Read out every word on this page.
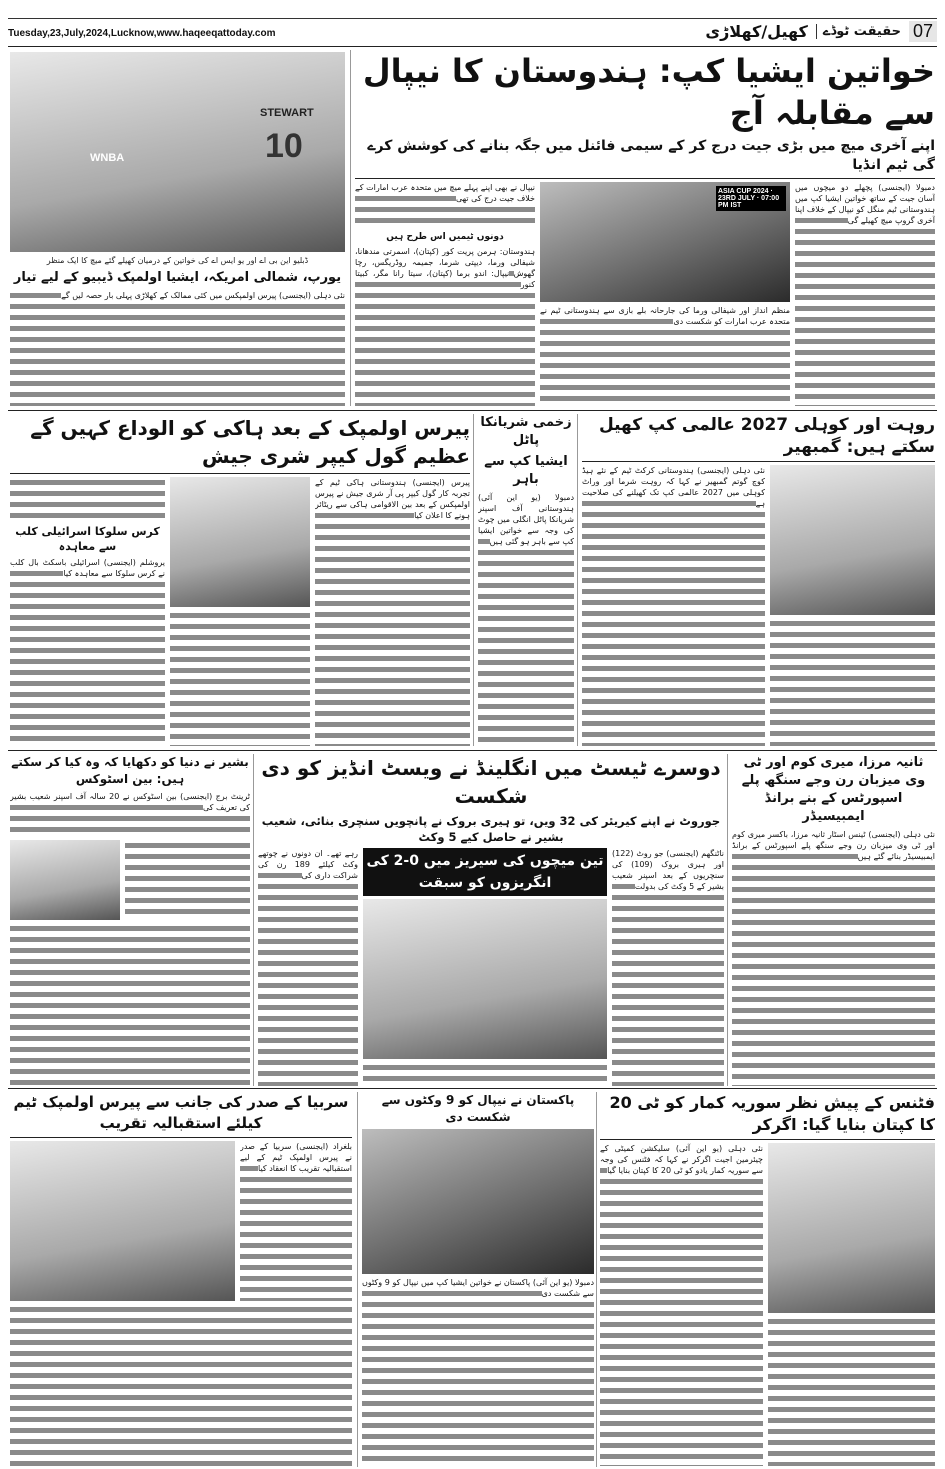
Tuesday,23,July,2024,Lucknow,www.haqeeqattoday.com	کھیل/کھلاڑی	حقیقت ٹوڈے 07
STEWART
10
WNBA
ڈبلیو این بی اے اور یو ایس اے کی خواتین کے درمیان کھیلے گئے میچ کا ایک منظر
یورپ، شمالی امریکہ، ایشیا اولمپک ڈیبیو کے لیے تیار
نئی دہلی (ایجنسی) پیرس اولمپکس میں کئی ممالک کے کھلاڑی پہلی بار حصہ لیں گے
خواتین ایشیا کپ: ہندوستان کا نیپال سے مقابلہ آج
اپنے آخری میچ میں بڑی جیت درج کر کے سیمی فائنل میں جگہ بنانے کی کوشش کرے گی ٹیم انڈیا
دمبولا (ایجنسی) پچھلے دو میچوں میں آسان جیت کے ساتھ خواتین ایشیا کپ میں ہندوستانی ٹیم منگل کو نیپال کے خلاف اپنا آخری گروپ میچ کھیلے گی
ASIA CUP 2024 · 23RD JULY · 07:00 PM IST
منظم انداز اور شیفالی ورما کی جارحانہ بلے بازی سے ہندوستانی ٹیم نے متحدہ عرب امارات کو شکست دی
نیپال نے بھی اپنے پہلے میچ میں متحدہ عرب امارات کے خلاف جیت درج کی تھی
دونوں ٹیمیں اس طرح ہیں
ہندوستان: ہرمن پریت کور (کپتان)، اسمرتی مندھانا، شیفالی ورما، دیپتی شرما، جمیمہ روڈریگس، رچا گھوش نیپال: اندو برما (کپتان)، سیتا رانا مگر، کبیتا کنور
روہت اور کوہلی 2027 عالمی کپ کھیل سکتے ہیں: گمبھیر
نئی دہلی (ایجنسی) ہندوستانی کرکٹ ٹیم کے نئے ہیڈ کوچ گوتم گمبھیر نے کہا کہ روہت شرما اور وراٹ کوہلی میں 2027 عالمی کپ تک کھیلنے کی صلاحیت ہے
زخمی شریانکا پاٹل
ایشیا کپ سے باہر
دمبولا (یو این آئی) ہندوستانی آف اسپنر شریانکا پاٹل انگلی میں چوٹ کی وجہ سے خواتین ایشیا کپ سے باہر ہو گئی ہیں
پیرس اولمپک کے بعد ہاکی کو الوداع کہیں گے عظیم گول کیپر شری جیش
پیرس (ایجنسی) ہندوستانی ہاکی ٹیم کے تجربہ کار گول کیپر پی آر شری جیش نے پیرس اولمپکس کے بعد بین الاقوامی ہاکی سے ریٹائر ہونے کا اعلان کیا
کرس سلوکا اسرائیلی کلب سے معاہدہ
یروشلم (ایجنسی) اسرائیلی باسکٹ بال کلب نے کرس سلوکا سے معاہدہ کیا
ثانیہ مرزا، میری کوم اور ٹی وی میزبان رن وجے سنگھ پلے اسپورٹس کے بنے برانڈ ایمبیسیڈر
نئی دہلی (ایجنسی) ٹینس اسٹار ثانیہ مرزا، باکسر میری کوم اور ٹی وی میزبان رن وجے سنگھ پلے اسپورٹس کے برانڈ ایمبیسیڈر بنائے گئے ہیں
دوسرے ٹیسٹ میں انگلینڈ نے ویسٹ انڈیز کو دی شکست
جوروٹ نے اپنے کیریئر کی 32 ویں، تو ہیری بروک نے پانچویں سنچری بنائی، شعیب بشیر نے حاصل کیے 5 وکٹ
ناٹنگھم (ایجنسی) جو روٹ (122) اور ہیری بروک (109) کی سنچریوں کے بعد اسپنر شعیب بشیر کے 5 وکٹ کی بدولت
تین میچوں کی سیریز میں 0-2 کی انگریزوں کو سبقت
رہے تھے۔ ان دونوں نے چوتھے وکٹ کیلئے 189 رن کی شراکت داری کی
بشیر نے دنیا کو دکھایا کہ وہ کیا کر سکتے ہیں: بین اسٹوکس
ٹرینٹ برج (ایجنسی) بین اسٹوکس نے 20 سالہ آف اسپنر شعیب بشیر کی تعریف کی
فٹنس کے پیش نظر سوریہ کمار کو ٹی 20 کا کپتان بنایا گیا: اگرکر
نئی دہلی (یو این آئی) سلیکشن کمیٹی کے چیئرمین اجیت اگرکر نے کہا کہ فٹنس کی وجہ سے سوریہ کمار یادو کو ٹی 20 کا کپتان بنایا گیا
پاکستان نے نیپال کو 9 وکٹوں سے شکست دی
دمبولا (یو این آئی) پاکستان نے خواتین ایشیا کپ میں نیپال کو 9 وکٹوں سے شکست دی
سربیا کے صدر کی جانب سے پیرس اولمپک ٹیم کیلئے استقبالیہ تقریب
بلغراد (ایجنسی) سربیا کے صدر نے پیرس اولمپک ٹیم کے لیے استقبالیہ تقریب کا انعقاد کیا
